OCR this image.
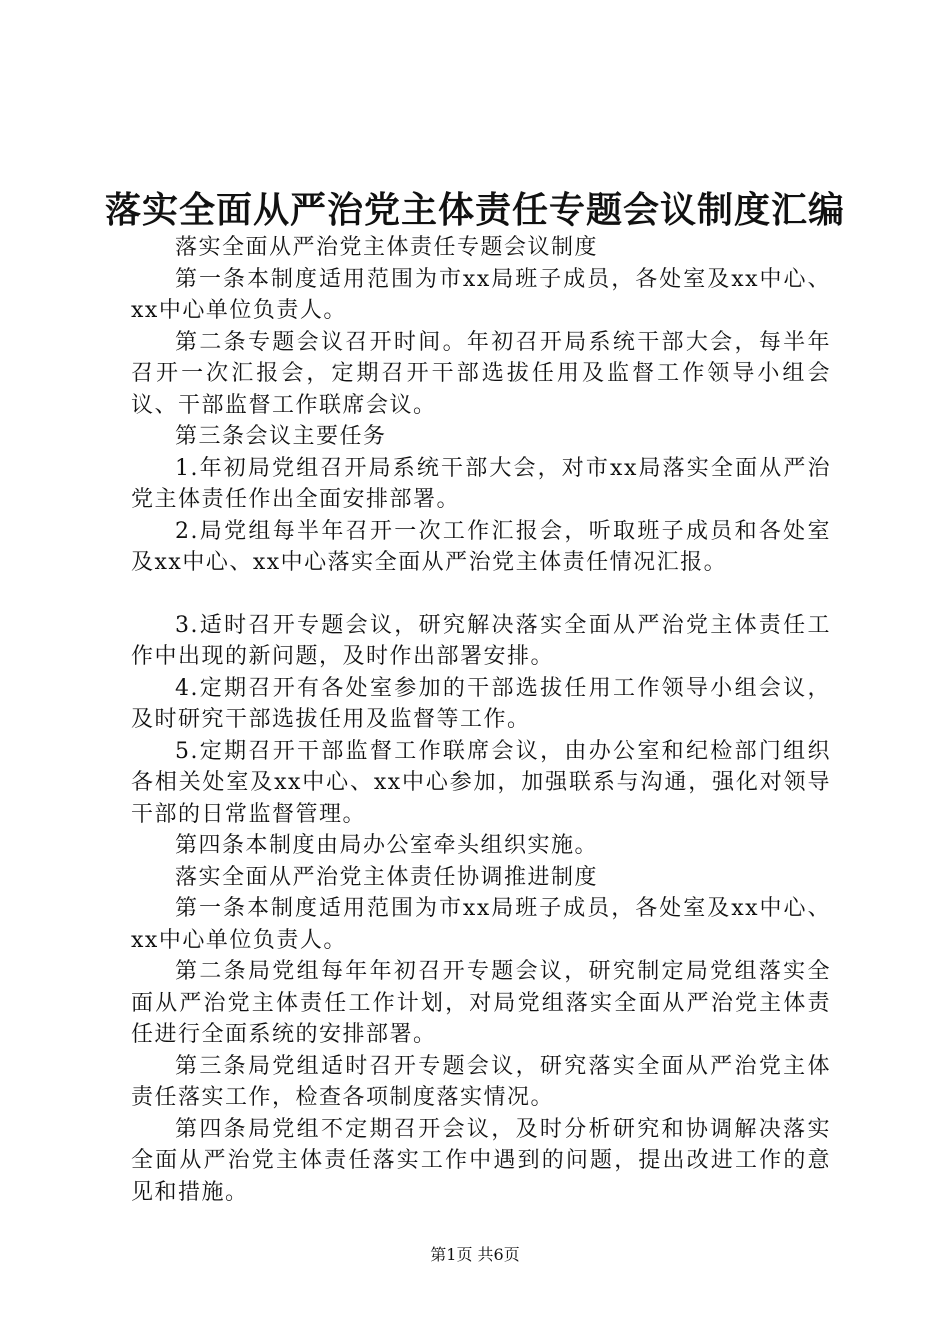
落实全面从严治党主体责任专题会议制度汇编

落实全面从严治党主体责任专题会议制度

第一条本制度适用范围为市xx局班子成员，各处室及xx中心、xx中心单位负责人。

第二条专题会议召开时间。年初召开局系统干部大会，每半年召开一次汇报会，定期召开干部选拔任用及监督工作领导小组会议、干部监督工作联席会议。

第三条会议主要任务

1.年初局党组召开局系统干部大会，对市xx局落实全面从严治党主体责任作出全面安排部署。

2.局党组每半年召开一次工作汇报会，听取班子成员和各处室及xx中心、xx中心落实全面从严治党主体责任情况汇报。

3.适时召开专题会议，研究解决落实全面从严治党主体责任工作中出现的新问题，及时作出部署安排。

4.定期召开有各处室参加的干部选拔任用工作领导小组会议，及时研究干部选拔任用及监督等工作。

5.定期召开干部监督工作联席会议，由办公室和纪检部门组织各相关处室及xx中心、xx中心参加，加强联系与沟通，强化对领导干部的日常监督管理。

第四条本制度由局办公室牵头组织实施。

落实全面从严治党主体责任协调推进制度

第一条本制度适用范围为市xx局班子成员，各处室及xx中心、xx中心单位负责人。

第二条局党组每年年初召开专题会议，研究制定局党组落实全面从严治党主体责任工作计划，对局党组落实全面从严治党主体责任进行全面系统的安排部署。

第三条局党组适时召开专题会议，研究落实全面从严治党主体责任落实工作，检查各项制度落实情况。

第四条局党组不定期召开会议，及时分析研究和协调解决落实全面从严治党主体责任落实工作中遇到的问题，提出改进工作的意见和措施。

第1页 共6页
